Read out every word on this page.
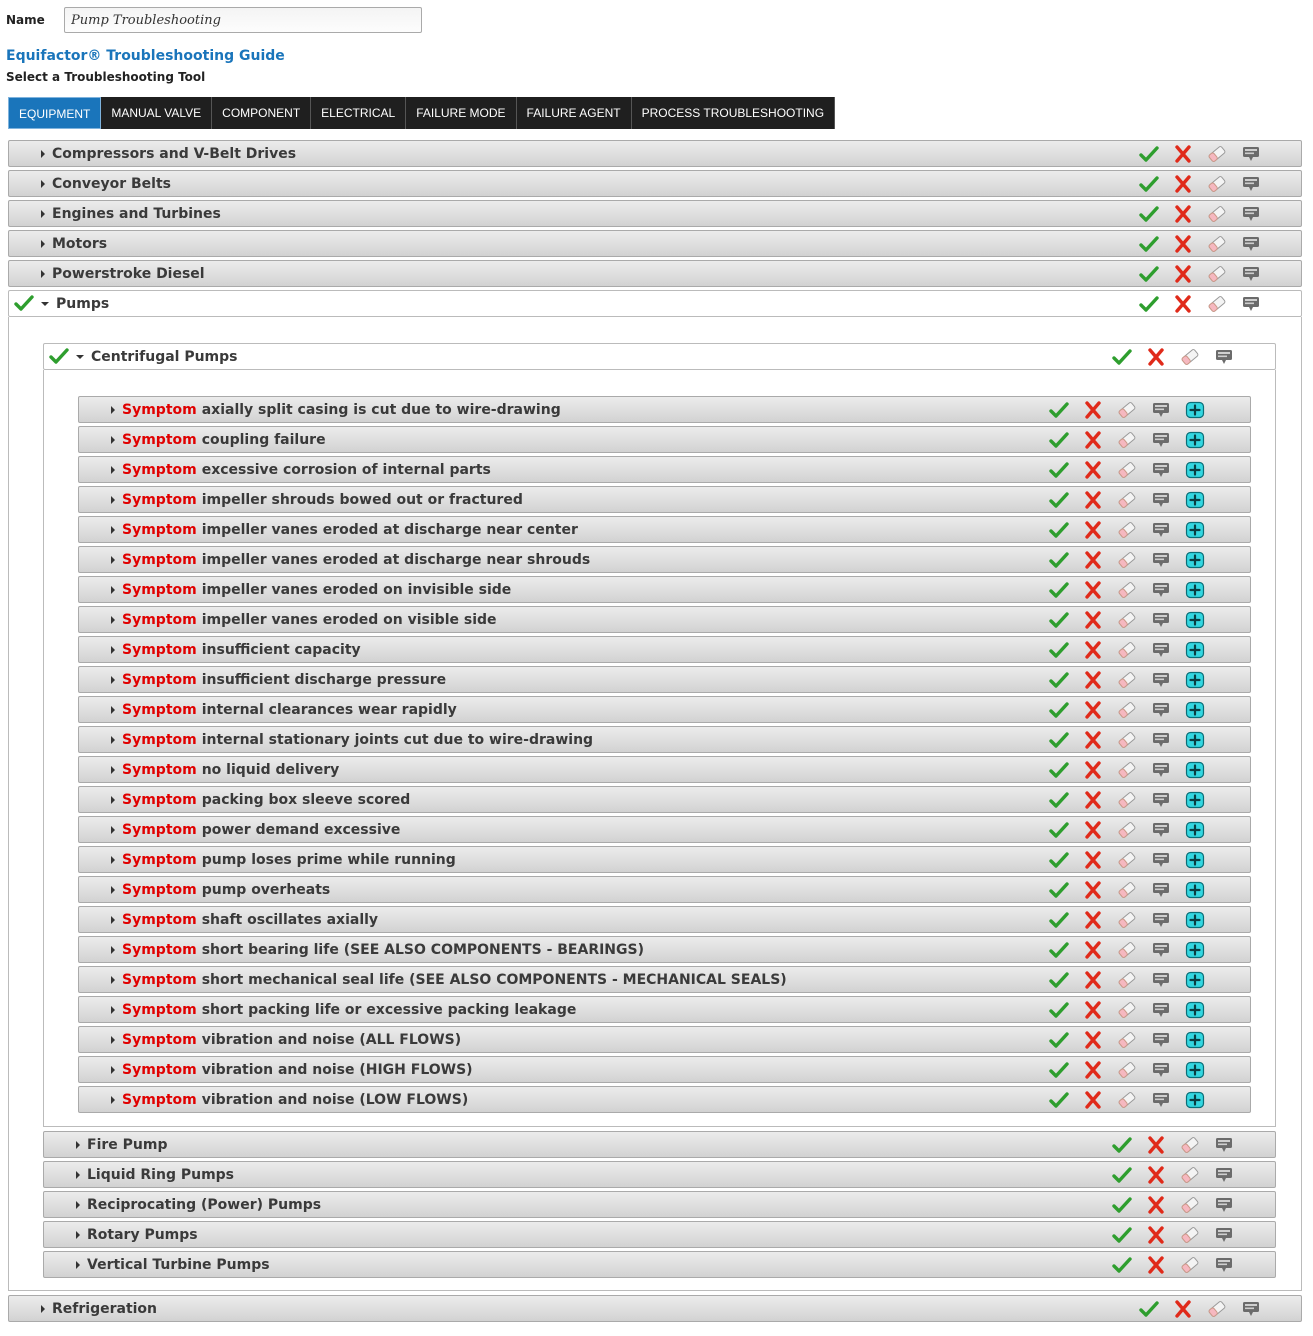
Name
Pump Troubleshooting
Equifactor® Troubleshooting Guide
Select a Troubleshooting Tool
EQUIPMENT	MANUAL VALVE	COMPONENT	ELECTRICAL	FAILURE MODE	FAILURE AGENT	PROCESS TROUBLESHOOTING
Compressors and V-Belt Drives
Conveyor Belts
Engines and Turbines
Motors
Powerstroke Diesel
Pumps
Centrifugal Pumps
Symptom axially split casing is cut due to wire-drawing
Symptom coupling failure
Symptom excessive corrosion of internal parts
Symptom impeller shrouds bowed out or fractured
Symptom impeller vanes eroded at discharge near center
Symptom impeller vanes eroded at discharge near shrouds
Symptom impeller vanes eroded on invisible side
Symptom impeller vanes eroded on visible side
Symptom insufficient capacity
Symptom insufficient discharge pressure
Symptom internal clearances wear rapidly
Symptom internal stationary joints cut due to wire-drawing
Symptom no liquid delivery
Symptom packing box sleeve scored
Symptom power demand excessive
Symptom pump loses prime while running
Symptom pump overheats
Symptom shaft oscillates axially
Symptom short bearing life (SEE ALSO COMPONENTS - BEARINGS)
Symptom short mechanical seal life (SEE ALSO COMPONENTS - MECHANICAL SEALS)
Symptom short packing life or excessive packing leakage
Symptom vibration and noise (ALL FLOWS)
Symptom vibration and noise (HIGH FLOWS)
Symptom vibration and noise (LOW FLOWS)
Fire Pump
Liquid Ring Pumps
Reciprocating (Power) Pumps
Rotary Pumps
Vertical Turbine Pumps
Refrigeration
